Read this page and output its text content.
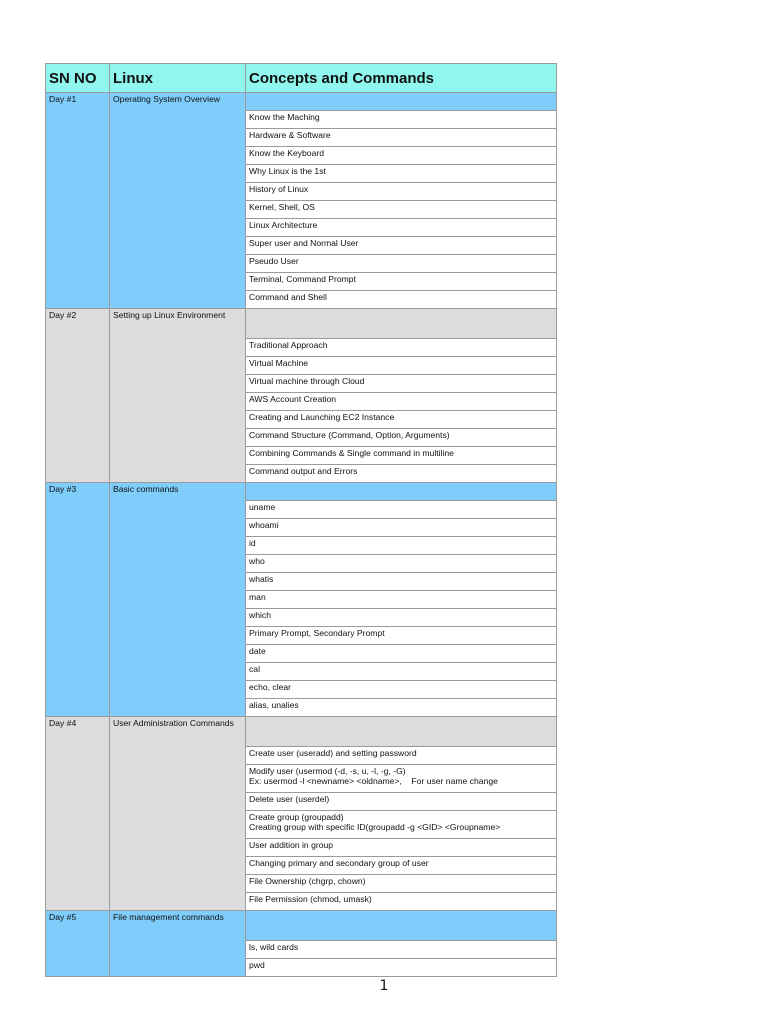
SN NO	Linux	Concepts and Commands
Day #1	Operating System Overview	
		Know the Maching
		Hardware & Software
		Know the Keyboard
		Why Linux is the 1st
		History of Linux
		Kernel, Shell, OS
		Linux Architecture
		Super user and Normal User
		Pseudo User
		Terminal, Command Prompt
		Command and Shell
Day #2	Setting up Linux Environment	
		Traditional Approach
		Virtual Machine
		Virtual machine through Cloud
		AWS Account Creation
		Creating and Launching EC2 Instance
		Command Structure (Command, Option, Arguments)
		Combining Commands & Single command in multiline
		Command output and Errors
Day #3	Basic commands	
		uname
		whoami
		id
		who
		whatis
		man
		which
		Primary Prompt, Secondary Prompt
		date
		cal
		echo, clear
		alias, unalies
Day #4	User Administration Commands	
		Create user (useradd) and setting password
		Modify user (usermod (-d, -s, u, -l, -g, -G)
Ex: usermod -l <newname> <oldname>,    For user name change
		Delete user (userdel)
		Create group (groupadd)
Creating group with specific ID(groupadd -g <GID> <Groupname>
		User addition in group
		Changing primary and secondary group of user
		File Ownership (chgrp, chown)
		File Permission (chmod, umask)
Day #5	File management commands	
		ls, wild cards
		pwd
1
